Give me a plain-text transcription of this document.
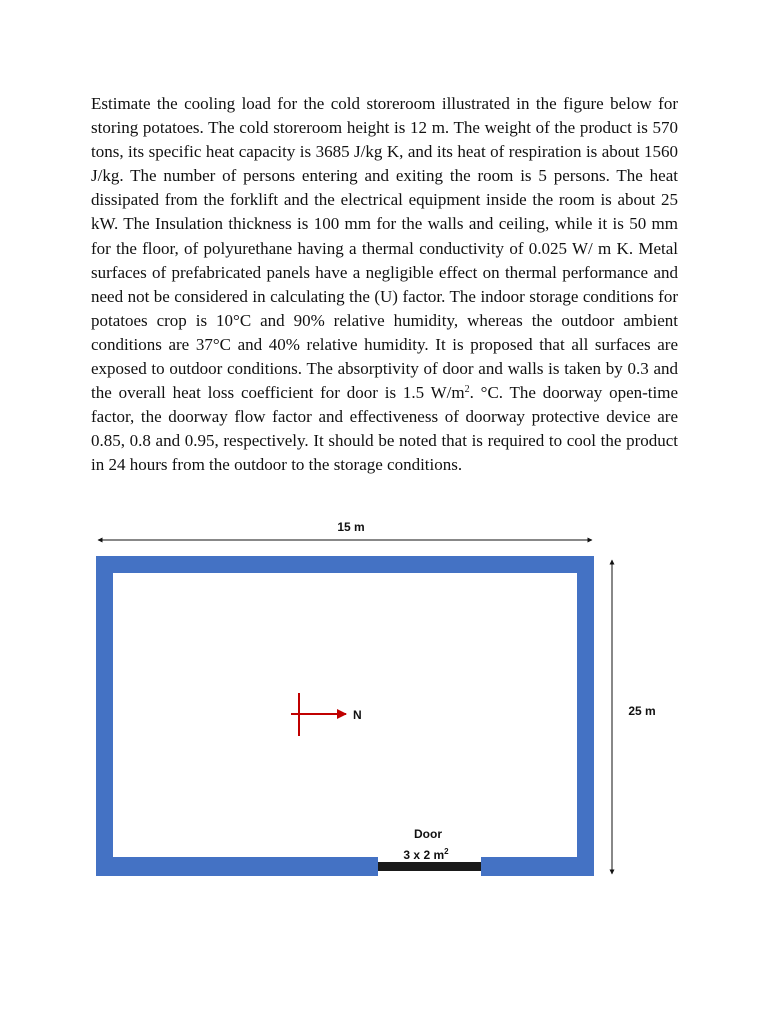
Estimate the cooling load for the cold storeroom illustrated in the figure below for storing potatoes. The cold storeroom height is 12 m. The weight of the product is 570 tons, its specific heat capacity is 3685 J/kg K, and its heat of respiration is about 1560 J/kg. The number of persons entering and exiting the room is 5 persons. The heat dissipated from the forklift and the electrical equipment inside the room is about 25 kW. The Insulation thickness is 100 mm for the walls and ceiling, while it is 50 mm for the floor, of polyurethane having a thermal conductivity of 0.025 W/ m K. Metal surfaces of prefabricated panels have a negligible effect on thermal performance and need not be considered in calculating the (U) factor. The indoor storage conditions for potatoes crop is 10°C and 90% relative humidity, whereas the outdoor ambient conditions are 37°C and 40% relative humidity. It is proposed that all surfaces are exposed to outdoor conditions. The absorptivity of door and walls is taken by 0.3 and the overall heat loss coefficient for door is 1.5 $W/m^2$. °C. The doorway open-time factor, the doorway flow factor and effectiveness of doorway protective device are 0.85, 0.8 and 0.95, respectively. It should be noted that is required to cool the product in 24 hours from the outdoor to the storage conditions.

15 m
25 m
Door
3 x 2 $m^2$
N
